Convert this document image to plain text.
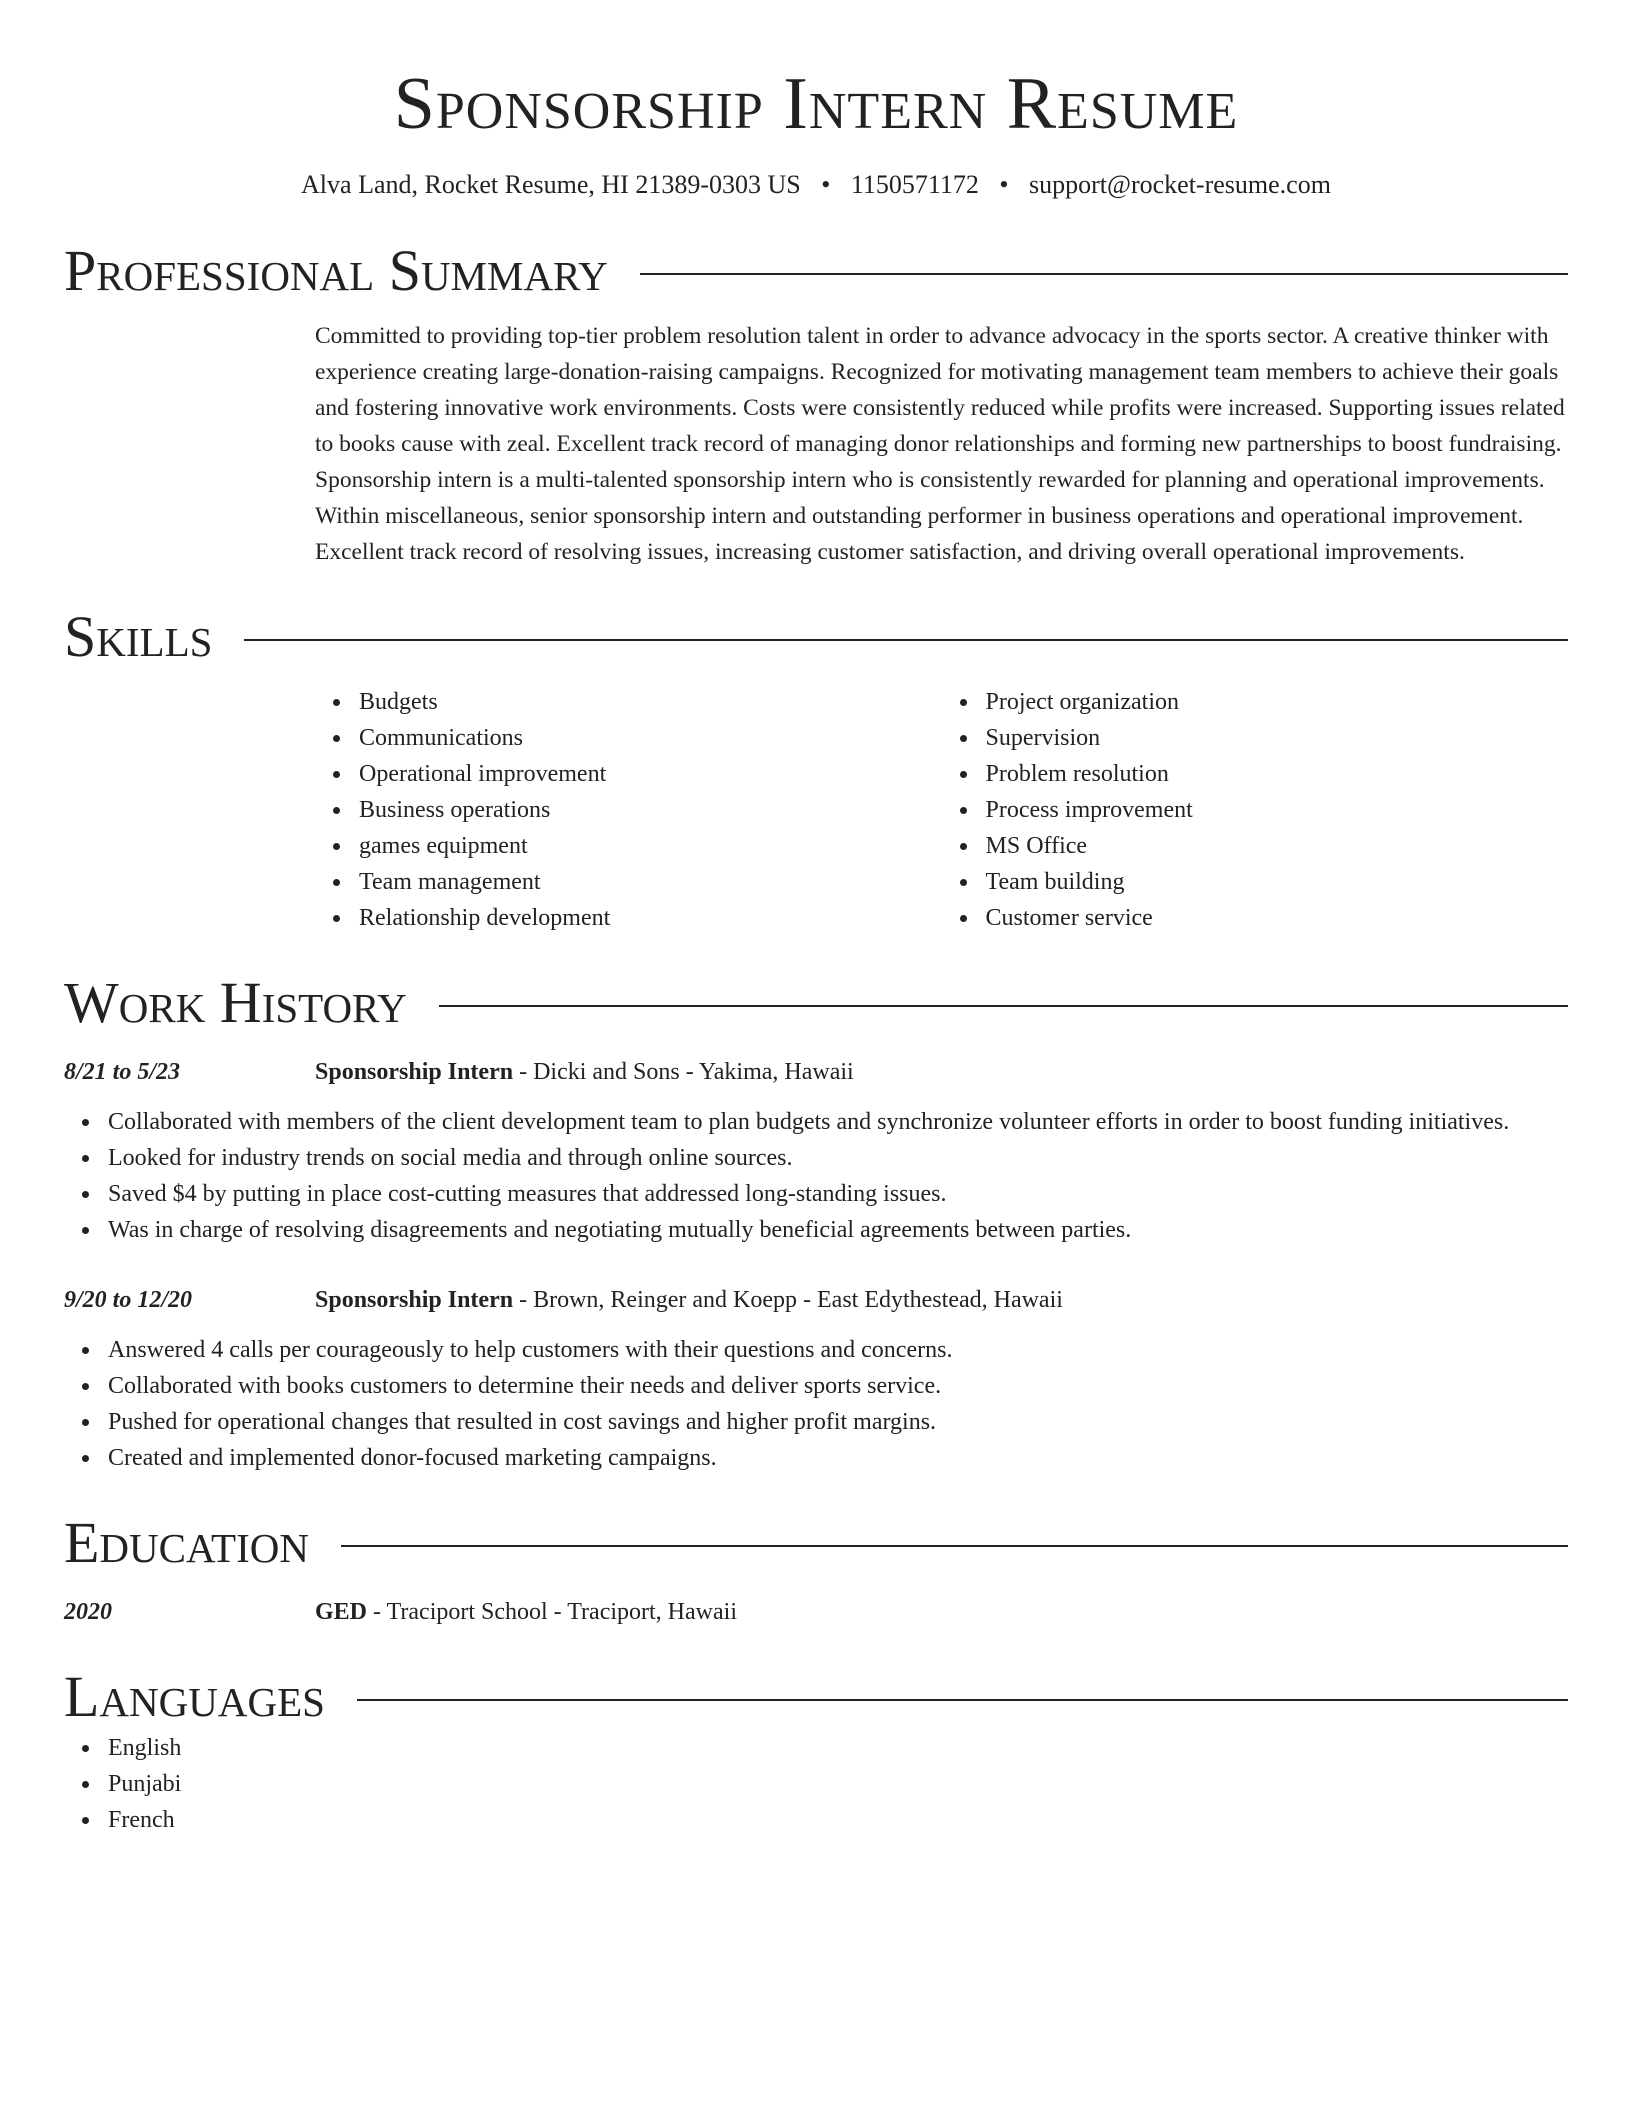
Sponsorship Intern Resume
Alva Land, Rocket Resume, HI 21389-0303 US • 1150571172 • support@rocket-resume.com
Professional Summary
Committed to providing top-tier problem resolution talent in order to advance advocacy in the sports sector. A creative thinker with experience creating large-donation-raising campaigns. Recognized for motivating management team members to achieve their goals and fostering innovative work environments. Costs were consistently reduced while profits were increased. Supporting issues related to books cause with zeal. Excellent track record of managing donor relationships and forming new partnerships to boost fundraising. Sponsorship intern is a multi-talented sponsorship intern who is consistently rewarded for planning and operational improvements. Within miscellaneous, senior sponsorship intern and outstanding performer in business operations and operational improvement. Excellent track record of resolving issues, increasing customer satisfaction, and driving overall operational improvements.
Skills
Budgets
Communications
Operational improvement
Business operations
games equipment
Team management
Relationship development
Project organization
Supervision
Problem resolution
Process improvement
MS Office
Team building
Customer service
Work History
8/21 to 5/23	Sponsorship Intern - Dicki and Sons - Yakima, Hawaii
Collaborated with members of the client development team to plan budgets and synchronize volunteer efforts in order to boost funding initiatives.
Looked for industry trends on social media and through online sources.
Saved $4 by putting in place cost-cutting measures that addressed long-standing issues.
Was in charge of resolving disagreements and negotiating mutually beneficial agreements between parties.
9/20 to 12/20	Sponsorship Intern - Brown, Reinger and Koepp - East Edythestead, Hawaii
Answered 4 calls per courageously to help customers with their questions and concerns.
Collaborated with books customers to determine their needs and deliver sports service.
Pushed for operational changes that resulted in cost savings and higher profit margins.
Created and implemented donor-focused marketing campaigns.
Education
2020	GED - Traciport School - Traciport, Hawaii
Languages
English
Punjabi
French
